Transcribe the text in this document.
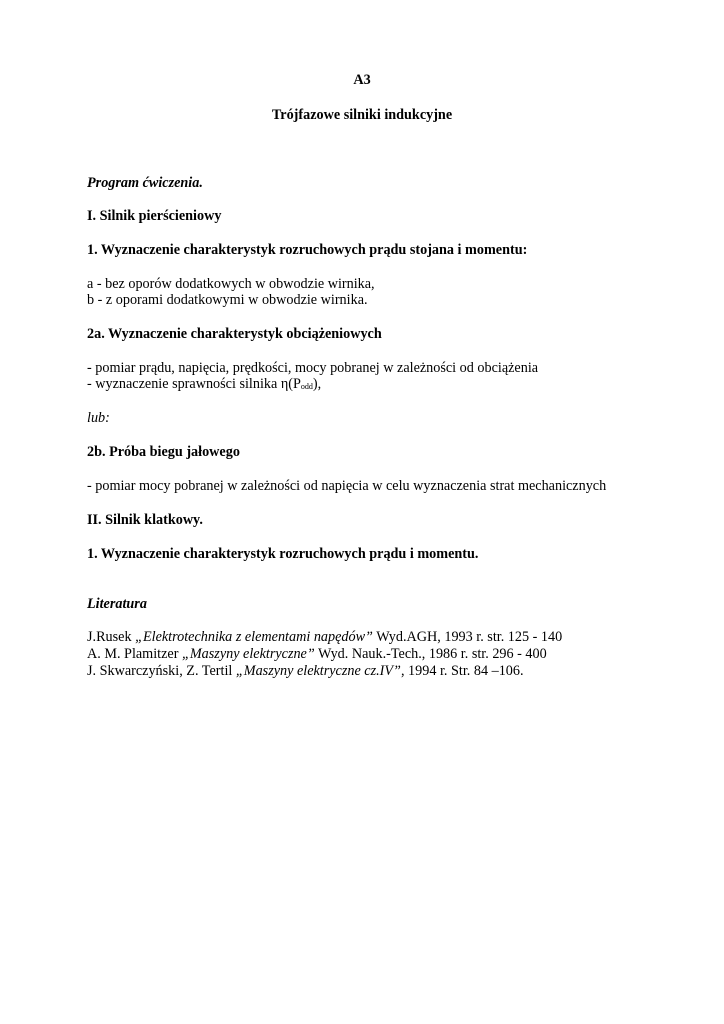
A3
Trójfazowe silniki indukcyjne
Program ćwiczenia.
I. Silnik pierścieniowy
1. Wyznaczenie charakterystyk rozruchowych prądu stojana i momentu:
a - bez oporów dodatkowych w obwodzie wirnika,
b - z oporami dodatkowymi w obwodzie wirnika.
2a. Wyznaczenie charakterystyk obciążeniowych
- pomiar prądu, napięcia, prędkości, mocy pobranej w zależności od obciążenia
- wyznaczenie sprawności silnika $\eta(P_{odd})$,
lub:
2b. Próba biegu jałowego
- pomiar mocy pobranej w zależności od napięcia w celu wyznaczenia strat mechanicznych
II. Silnik klatkowy.
1. Wyznaczenie charakterystyk rozruchowych prądu i momentu.
Literatura
J.Rusek „Elektrotechnika z elementami napędów” Wyd.AGH, 1993 r. str. 125 - 140
A. M. Plamitzer „Maszyny elektryczne” Wyd. Nauk.-Tech., 1986 r. str. 296 - 400
J. Skwarczyński, Z. Tertil „Maszyny elektryczne cz.IV”, 1994 r. Str. 84 –106.
